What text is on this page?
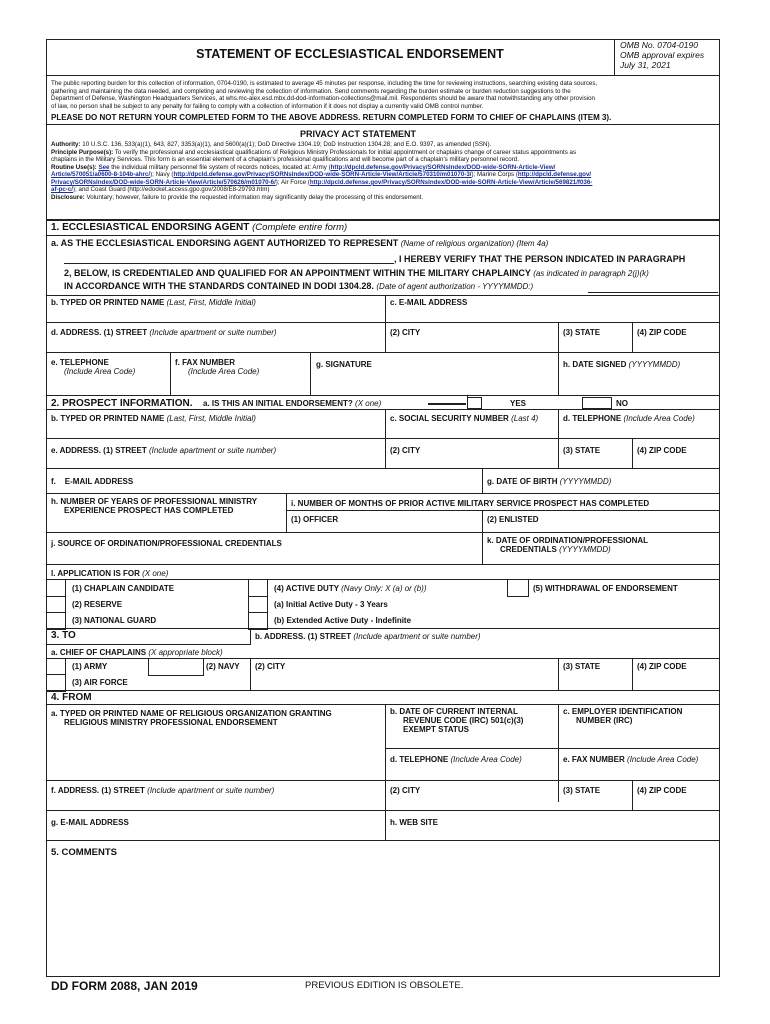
STATEMENT OF ECCLESIASTICAL ENDORSEMENT
OMB No. 0704-0190
OMB approval expires
July 31, 2021
The public reporting burden for this collection of information, 0704-0190, is estimated to average 45 minutes per response, including the time for reviewing instructions, searching existing data sources,
gathering and maintaining the data needed, and completing and reviewing the collection of information. Send comments regarding the burden estimate or burden reduction suggestions to the
Department of Defense, Washington Headquarters Services, at whs.mc-alex.esd.mbx.dd-dod-information-collections@mail.mil. Respondents should be aware that notwithstanding any other provision
of law, no person shall be subject to any penalty for failing to comply with a collection of information if it does not display a currently valid OMB control number.
PLEASE DO NOT RETURN YOUR COMPLETED FORM TO THE ABOVE ADDRESS. RETURN COMPLETED FORM TO CHIEF OF CHAPLAINS (ITEM 3).
PRIVACY ACT STATEMENT
Authority: 10 U.S.C. 136, 533(a)(1), 643, 827, 3353(a)(1), and 5600(a)(1); DoD Directive 1304.19; DoD Instruction 1304.28; and E.O. 9397, as amended (SSN).
Principle Purpose(s): To verify the professional and ecclesiastical qualifications of Religious Ministry Professionals for initial appointment or chaplains change of career status appointments as
chaplains in the Military Services. This form is an essential element of a chaplain's professional qualifications and will become part of a chaplain's military personnel record.
Routine Use(s): See the individual military personnel file system of records notices, located at: Army (http://dpcld.defense.gov/Privacy/SORNsIndex/DOD-wide-SORN-Article-View/
Article/570051/a0600-8-104b-ahrc/); Navy (http://dpcld.defense.gov/Privacy/SORNsIndex/DOD-wide-SORN-Article-View/Article/570310/m01070-3/); Marine Corps (http://dpcld.defense.gov/
Privacy/SORNsIndex/DOD-wide-SORN-Article-View/Article/570626/m01070-6/); Air Force (http://dpcld.defense.gov/Privacy/SORNsIndex/DOD-wide-SORN-Article-View/Article/569821/f036-
af-pc-c/); and Coast Guard (http://edocket.access.gpo.gov/2008/E8-29793.htm)
Disclosure: Voluntary; however, failure to provide the requested information may significantly delay the processing of this endorsement.
1. ECCLESIASTICAL ENDORSING AGENT (Complete entire form)
a. AS THE ECCLESIASTICAL ENDORSING AGENT AUTHORIZED TO REPRESENT (Name of religious organization) (Item 4a)
, I HEREBY VERIFY THAT THE PERSON INDICATED IN PARAGRAPH
2, BELOW, IS CREDENTIALED AND QUALIFIED FOR AN APPOINTMENT WITHIN THE MILITARY CHAPLAINCY (as indicated in paragraph 2(j)(k)
IN ACCORDANCE WITH THE STANDARDS CONTAINED IN DODI 1304.28. (Date of agent authorization - YYYYMMDD:)
b. TYPED OR PRINTED NAME (Last, First, Middle Initial)	c. E-MAIL ADDRESS
d. ADDRESS. (1) STREET (Include apartment or suite number)	(2) CITY	(3) STATE	(4) ZIP CODE
e. TELEPHONE
(Include Area Code)
f. FAX NUMBER
(Include Area Code)
g. SIGNATURE	h. DATE SIGNED (YYYYMMDD)
2. PROSPECT INFORMATION. a. IS THIS AN INITIAL ENDORSEMENT? (X one)	YES	NO
b. TYPED OR PRINTED NAME (Last, First, Middle Initial)	c. SOCIAL SECURITY NUMBER (Last 4)	d. TELEPHONE (Include Area Code)
e. ADDRESS. (1) STREET (Include apartment or suite number)	(2) CITY	(3) STATE	(4) ZIP CODE
f. E-MAIL ADDRESS	g. DATE OF BIRTH (YYYYMMDD)
h. NUMBER OF YEARS OF PROFESSIONAL MINISTRY
EXPERIENCE PROSPECT HAS COMPLETED
i. NUMBER OF MONTHS OF PRIOR ACTIVE MILITARY SERVICE PROSPECT HAS COMPLETED
(1) OFFICER	(2) ENLISTED
j. SOURCE OF ORDINATION/PROFESSIONAL CREDENTIALS	k. DATE OF ORDINATION/PROFESSIONAL
CREDENTIALS (YYYYMMDD)
l. APPLICATION IS FOR (X one)
(1) CHAPLAIN CANDIDATE	(4) ACTIVE DUTY (Navy Only: X (a) or (b))	(5) WITHDRAWAL OF ENDORSEMENT
(2) RESERVE	(a) Initial Active Duty - 3 Years
(3) NATIONAL GUARD	(b) Extended Active Duty - Indefinite
3. TO	b. ADDRESS. (1) STREET (Include apartment or suite number)
a. CHIEF OF CHAPLAINS (X appropriate block)
(1) ARMY	(2) NAVY (2) CITY	(3) STATE	(4) ZIP CODE
(3) AIR FORCE
4. FROM
a. TYPED OR PRINTED NAME OF RELIGIOUS ORGANIZATION GRANTING
RELIGIOUS MINISTRY PROFESSIONAL ENDORSEMENT
b. DATE OF CURRENT INTERNAL
REVENUE CODE (IRC) 501(c)(3)
EXEMPT STATUS
c. EMPLOYER IDENTIFICATION
NUMBER (IRC)
d. TELEPHONE (Include Area Code)	e. FAX NUMBER (Include Area Code)
f. ADDRESS. (1) STREET (Include apartment or suite number)	(2) CITY	(3) STATE	(4) ZIP CODE
g. E-MAIL ADDRESS	h. WEB SITE
5. COMMENTS
DD FORM 2088, JAN 2019	PREVIOUS EDITION IS OBSOLETE.
